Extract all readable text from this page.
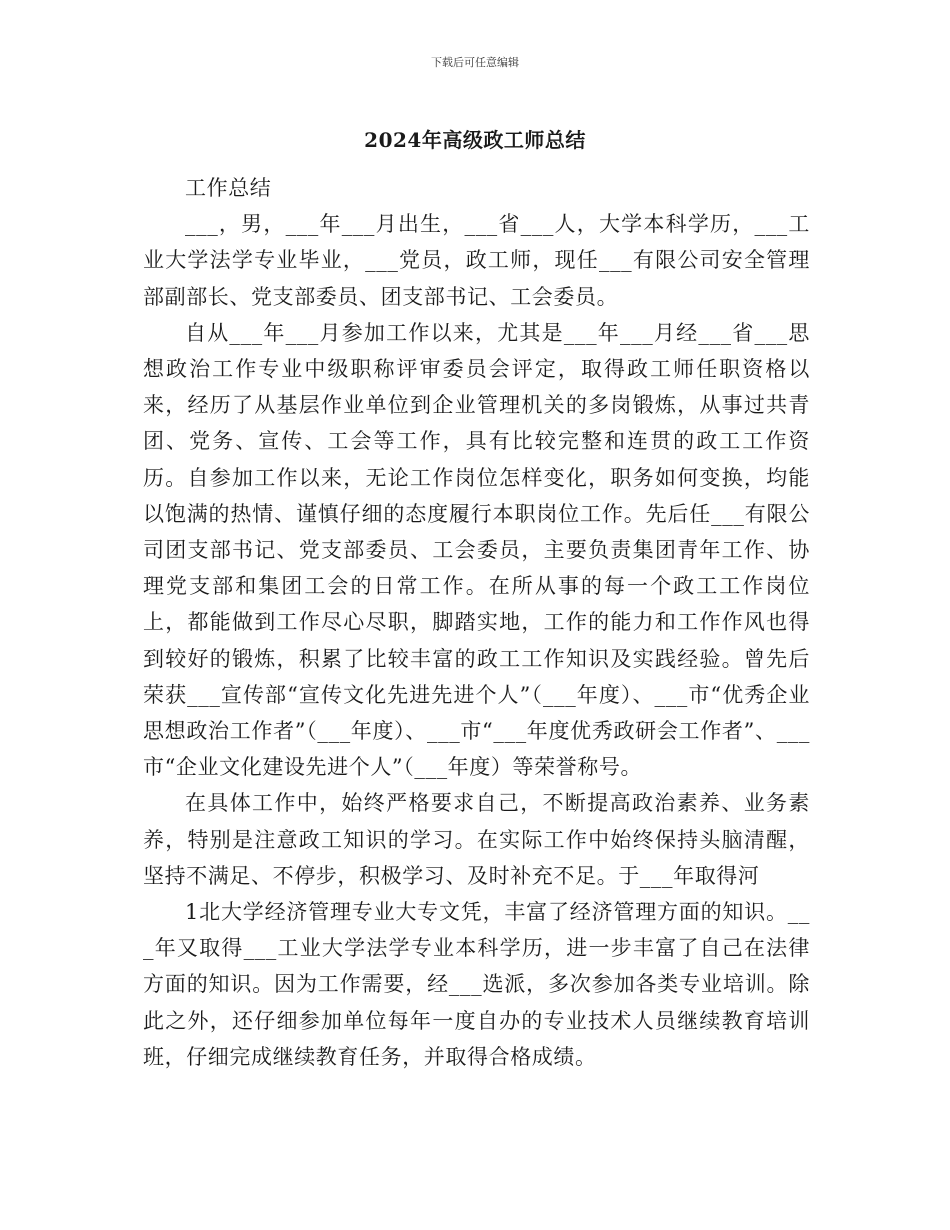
下载后可任意编辑
2024年高级政工师总结

工作总结

___，男，___年___月出生，___省___人，大学本科学历，___工业大学法学专业毕业，___党员，政工师，现任___有限公司安全管理部副部长、党支部委员、团支部书记、工会委员。

自从___年___月参加工作以来，尤其是___年___月经___省___思想政治工作专业中级职称评审委员会评定，取得政工师任职资格以来，经历了从基层作业单位到企业管理机关的多岗锻炼，从事过共青团、党务、宣传、工会等工作，具有比较完整和连贯的政工工作资历。自参加工作以来，无论工作岗位怎样变化，职务如何变换，均能以饱满的热情、谨慎仔细的态度履行本职岗位工作。先后任___有限公司团支部书记、党支部委员、工会委员，主要负责集团青年工作、协理党支部和集团工会的日常工作。在所从事的每一个政工工作岗位上，都能做到工作尽心尽职，脚踏实地，工作的能力和工作作风也得到较好的锻炼，积累了比较丰富的政工工作知识及实践经验。曾先后荣获___宣传部“宣传文化先进先进个人”（___年度）、___市“优秀企业思想政治工作者”（___年度）、___市“___年度优秀政研会工作者”、___市“企业文化建设先进个人”（___年度）等荣誉称号。

在具体工作中，始终严格要求自己，不断提高政治素养、业务素养，特别是注意政工知识的学习。在实际工作中始终保持头脑清醒，坚持不满足、不停步，积极学习、及时补充不足。于___年取得河

1北大学经济管理专业大专文凭，丰富了经济管理方面的知识。___年又取得___工业大学法学专业本科学历，进一步丰富了自己在法律方面的知识。因为工作需要，经___选派，多次参加各类专业培训。除此之外，还仔细参加单位每年一度自办的专业技术人员继续教育培训班，仔细完成继续教育任务，并取得合格成绩。
